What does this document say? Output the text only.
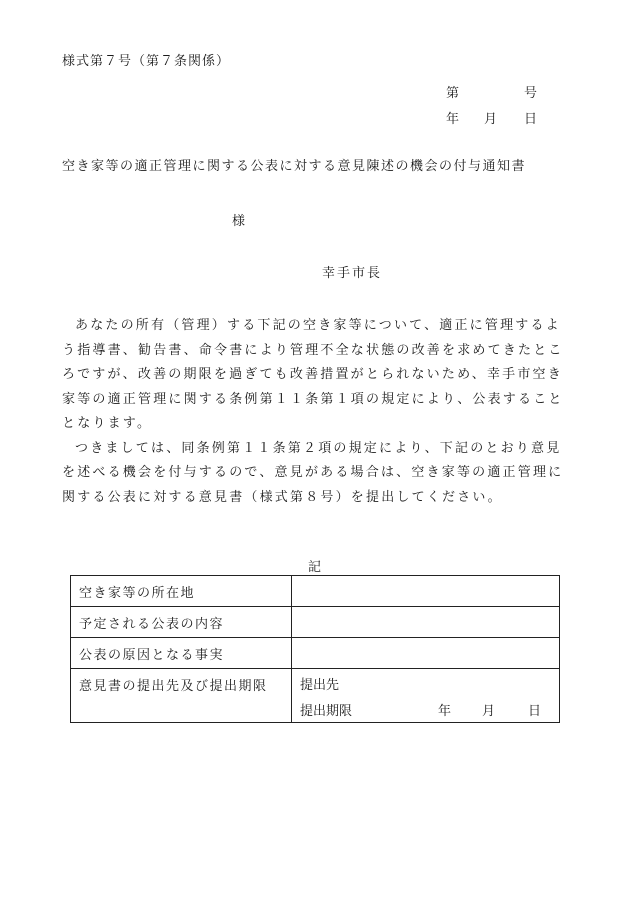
様式第７号（第７条関係）
第	号
年	月	日
空き家等の適正管理に関する公表に対する意見陳述の機会の付与通知書
様
幸手市長

あなたの所有（管理）する下記の空き家等について、適正に管理するよう指導書、勧告書、命令書により管理不全な状態の改善を求めてきたところですが、改善の期限を過ぎても改善措置がとられないため、幸手市空き家等の適正管理に関する条例第１１条第１項の規定により、公表することとなります。

つきましては、同条例第１１条第２項の規定により、下記のとおり意見を述べる機会を付与するので、意見がある場合は、空き家等の適正管理に関する公表に対する意見書（様式第８号）を提出してください。

記
空き家等の所在地	
予定される公表の内容	
公表の原因となる事実	
意見書の提出先及び提出期限	提出先
提出期限 年 月 日
